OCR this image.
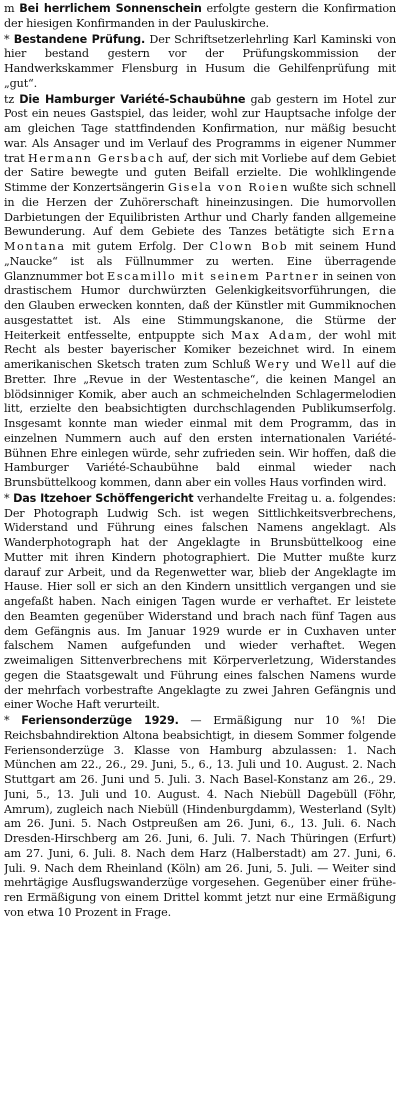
m Bei herrlichem Sonnenschein erfolgte gestern die Konfirmation der hiesigen Konfirmanden in der Pauluskirche.

* Bestandene Prüfung. Der Schriftsetzerlehrling Karl Kaminski von hier bestand gestern vor der Prüfungskommission der Handwerkskammer Flensburg in Husum die Gehilfenprüfung mit „gut“.

tz Die Hamburger Variété-Schaubühne gab gestern im Hotel zur Post ein neues Gastspiel, das leider, wohl zur Hauptsache infolge der am gleichen Tage stattfindenden Konfirmation, nur mäßig besucht war. Als Ansager und im Verlauf des Programms in eigener Nummer trat Hermann Gersbach auf, der sich mit Vorliebe auf dem Gebiet der Satire bewegte und guten Beifall erzielte. Die wohlklingende Stimme der Konzertsängerin Gisela von Roien wußte sich schnell in die Herzen der Zuhörerschaft hineinzusingen. Die humorvollen Darbietungen der Equilibristen Arthur und Charly fanden allgemeine Bewunderung. Auf dem Gebiete des Tanzes betätigte sich Erna Montana mit gutem Erfolg. Der Clown Bob mit seinem Hund „Naucke“ ist als Füllnummer zu werten. Eine überragende Glanznummer bot Escamillo mit seinem Partner in seinen von drastischem Humor durchwürzten Gelenkigkeitsvorführungen, die den Glauben erwecken konnten, daß der Künstler mit Gummiknochen ausgestattet ist. Als eine Stimmungskanone, die Stürme der Heiterkeit entfesselte, entpuppte sich Max Adam, der wohl mit Recht als bester bayerischer Komiker bezeichnet wird. In einem amerikanischen Sketsch traten zum Schluß Wery und Well auf die Bretter. Ihre „Revue in der Westentasche“, die keinen Mangel an blödsinniger Komik, aber auch an schmeichelnden Schlagermelodien litt, erzielte den beabsichtigten durchschlagenden Publikumserfolg. Insgesamt konnte man wieder einmal mit dem Programm, das in einzelnen Nummern auch auf den ersten internationalen Variété-Bühnen Ehre einlegen würde, sehr zufrieden sein. Wir hoffen, daß die Hamburger Variété-Schaubühne bald einmal wieder nach Brunsbüttelkoog kommen, dann aber ein volles Haus vorfinden wird.

* Das Itzehoer Schöffengericht verhandelte Freitag u. a. folgendes: Der Photograph Ludwig Sch. ist wegen Sittlichkeitsverbrechens, Widerstand und Führung eines falschen Namens angeklagt. Als Wanderphotograph hat der Angeklagte in Brunsbüttelkoog eine Mutter mit ihren Kindern photographiert. Die Mutter mußte kurz darauf zur Arbeit, und da Regenwetter war, blieb der Angeklagte im Hause. Hier soll er sich an den Kindern unsittlich vergangen und sie angefaßt haben. Nach einigen Tagen wurde er verhaftet. Er leistete den Beamten gegenüber Widerstand und brach nach fünf Tagen aus dem Gefängnis aus. Im Januar 1929 wurde er in Cuxhaven unter falschem Namen aufgefunden und wieder verhaftet. Wegen zweimaligen Sittenverbrechens mit Körperverletzung, Widerstandes gegen die Staatsgewalt und Führung eines falschen Namens wurde der mehrfach vorbestrafte Angeklagte zu zwei Jahren Gefängnis und einer Woche Haft verurteilt.

* Feriensonderzüge 1929. — Ermäßigung nur 10 %! Die Reichsbahndirektion Altona beabsichtigt, in diesem Sommer folgende Feriensonderzüge 3. Klasse von Hamburg abzulassen: 1. Nach München am 22., 26., 29. Juni, 5., 6., 13. Juli und 10. August. 2. Nach Stuttgart am 26. Juni und 5. Juli. 3. Nach Basel-Konstanz am 26., 29. Juni, 5., 13. Juli und 10. August. 4. Nach Niebüll Dagebüll (Föhr, Amrum), zugleich nach Niebüll (Hindenburgdamm), Westerland (Sylt) am 26. Juni. 5. Nach Ostpreußen am 26. Juni, 6., 13. Juli. 6. Nach Dresden-Hirschberg am 26. Juni, 6. Juli. 7. Nach Thüringen (Erfurt) am 27. Juni, 6. Juli. 8. Nach dem Harz (Halberstadt) am 27. Juni, 6. Juli. 9. Nach dem Rheinland (Köln) am 26. Juni, 5. Juli. — Weiter sind mehrtägige Ausflugswanderzüge vorgesehen. Gegenüber einer früheren Ermäßigung von einem Drittel kommt jetzt nur eine Ermäßigung von etwa 10 Prozent in Frage.
